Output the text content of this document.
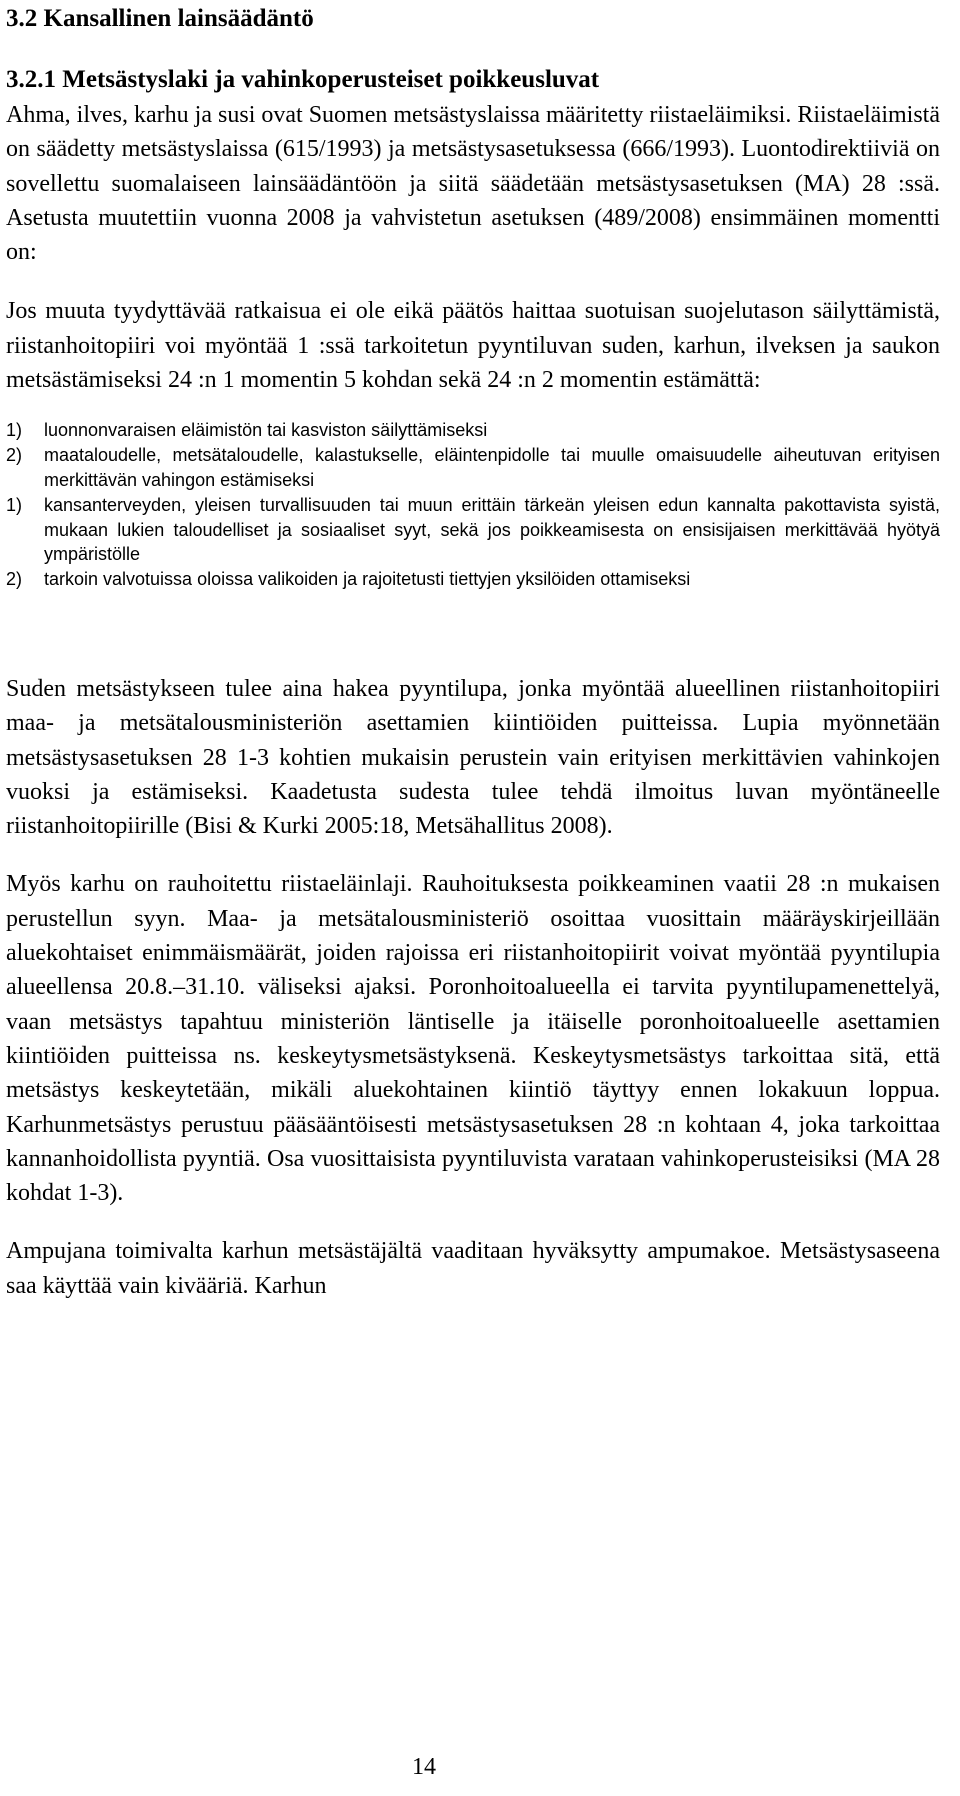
3.2 Kansallinen lainsäädäntö
3.2.1 Metsästyslaki ja vahinkoperusteiset poikkeusluvat

Ahma, ilves, karhu ja susi ovat Suomen metsästyslaissa määritetty riistaeläimiksi. Riistaeläimistä on säädetty metsästyslaissa (615/1993) ja metsästysasetuksessa (666/1993). Luontodirektiiviä on sovellettu suomalaiseen lainsäädäntöön ja siitä säädetään metsästysasetuksen (MA) 28 :ssä. Asetusta muutettiin vuonna 2008 ja vahvistetun asetuksen (489/2008) ensimmäinen momentti on:

Jos muuta tyydyttävää ratkaisua ei ole eikä päätös haittaa suotuisan suojelutason säilyttämistä, riistanhoitopiiri voi myöntää 1 :ssä tarkoitetun pyyntiluvan suden, karhun, ilveksen ja saukon metsästämiseksi 24 :n 1 momentin 5 kohdan sekä 24 :n 2 momentin estämättä:

1) luonnonvaraisen eläimistön tai kasviston säilyttämiseksi
2) maataloudelle, metsätaloudelle, kalastukselle, eläintenpidolle tai muulle omaisuudelle aiheutuvan erityisen merkittävän vahingon estämiseksi
1) kansanterveyden, yleisen turvallisuuden tai muun erittäin tärkeän yleisen edun kannalta pakottavista syistä, mukaan lukien taloudelliset ja sosiaaliset syyt, sekä jos poikkeamisesta on ensisijaisen merkittävää hyötyä ympäristölle
2) tarkoin valvotuissa oloissa valikoiden ja rajoitetusti tiettyjen yksilöiden ottamiseksi

Suden metsästykseen tulee aina hakea pyyntilupa, jonka myöntää alueellinen riistanhoitopiiri maa- ja metsätalousministeriön asettamien kiintiöiden puitteissa. Lupia myönnetään metsästysasetuksen 28 1-3 kohtien mukaisin perustein vain erityisen merkittävien vahinkojen vuoksi ja estämiseksi. Kaadetusta sudesta tulee tehdä ilmoitus luvan myöntäneelle riistanhoitopiirille (Bisi & Kurki 2005:18, Metsähallitus 2008).

Myös karhu on rauhoitettu riistaeläinlaji. Rauhoituksesta poikkeaminen vaatii 28 :n mukaisen perustellun syyn. Maa- ja metsätalousministeriö osoittaa vuosittain määräyskirjeillään aluekohtaiset enimmäismäärät, joiden rajoissa eri riistanhoitopiirit voivat myöntää pyyntilupia alueellensa 20.8.–31.10. väliseksi ajaksi. Poronhoitoalueella ei tarvita pyyntilupamenettelyä, vaan metsästys tapahtuu ministeriön läntiselle ja itäiselle poronhoitoalueelle asettamien kiintiöiden puitteissa ns. keskeytysmetsästyksenä. Keskeytysmetsästys tarkoittaa sitä, että metsästys keskeytetään, mikäli aluekohtainen kiintiö täyttyy ennen lokakuun loppua. Karhunmetsästys perustuu pääsääntöisesti metsästysasetuksen 28 :n kohtaan 4, joka tarkoittaa kannanhoidollista pyyntiä. Osa vuosittaisista pyyntiluvista varataan vahinkoperusteisiksi (MA 28 kohdat 1-3).

Ampujana toimivalta karhun metsästäjältä vaaditaan hyväksytty ampumakoe. Metsästysaseena saa käyttää vain kivääriä. Karhun

14
